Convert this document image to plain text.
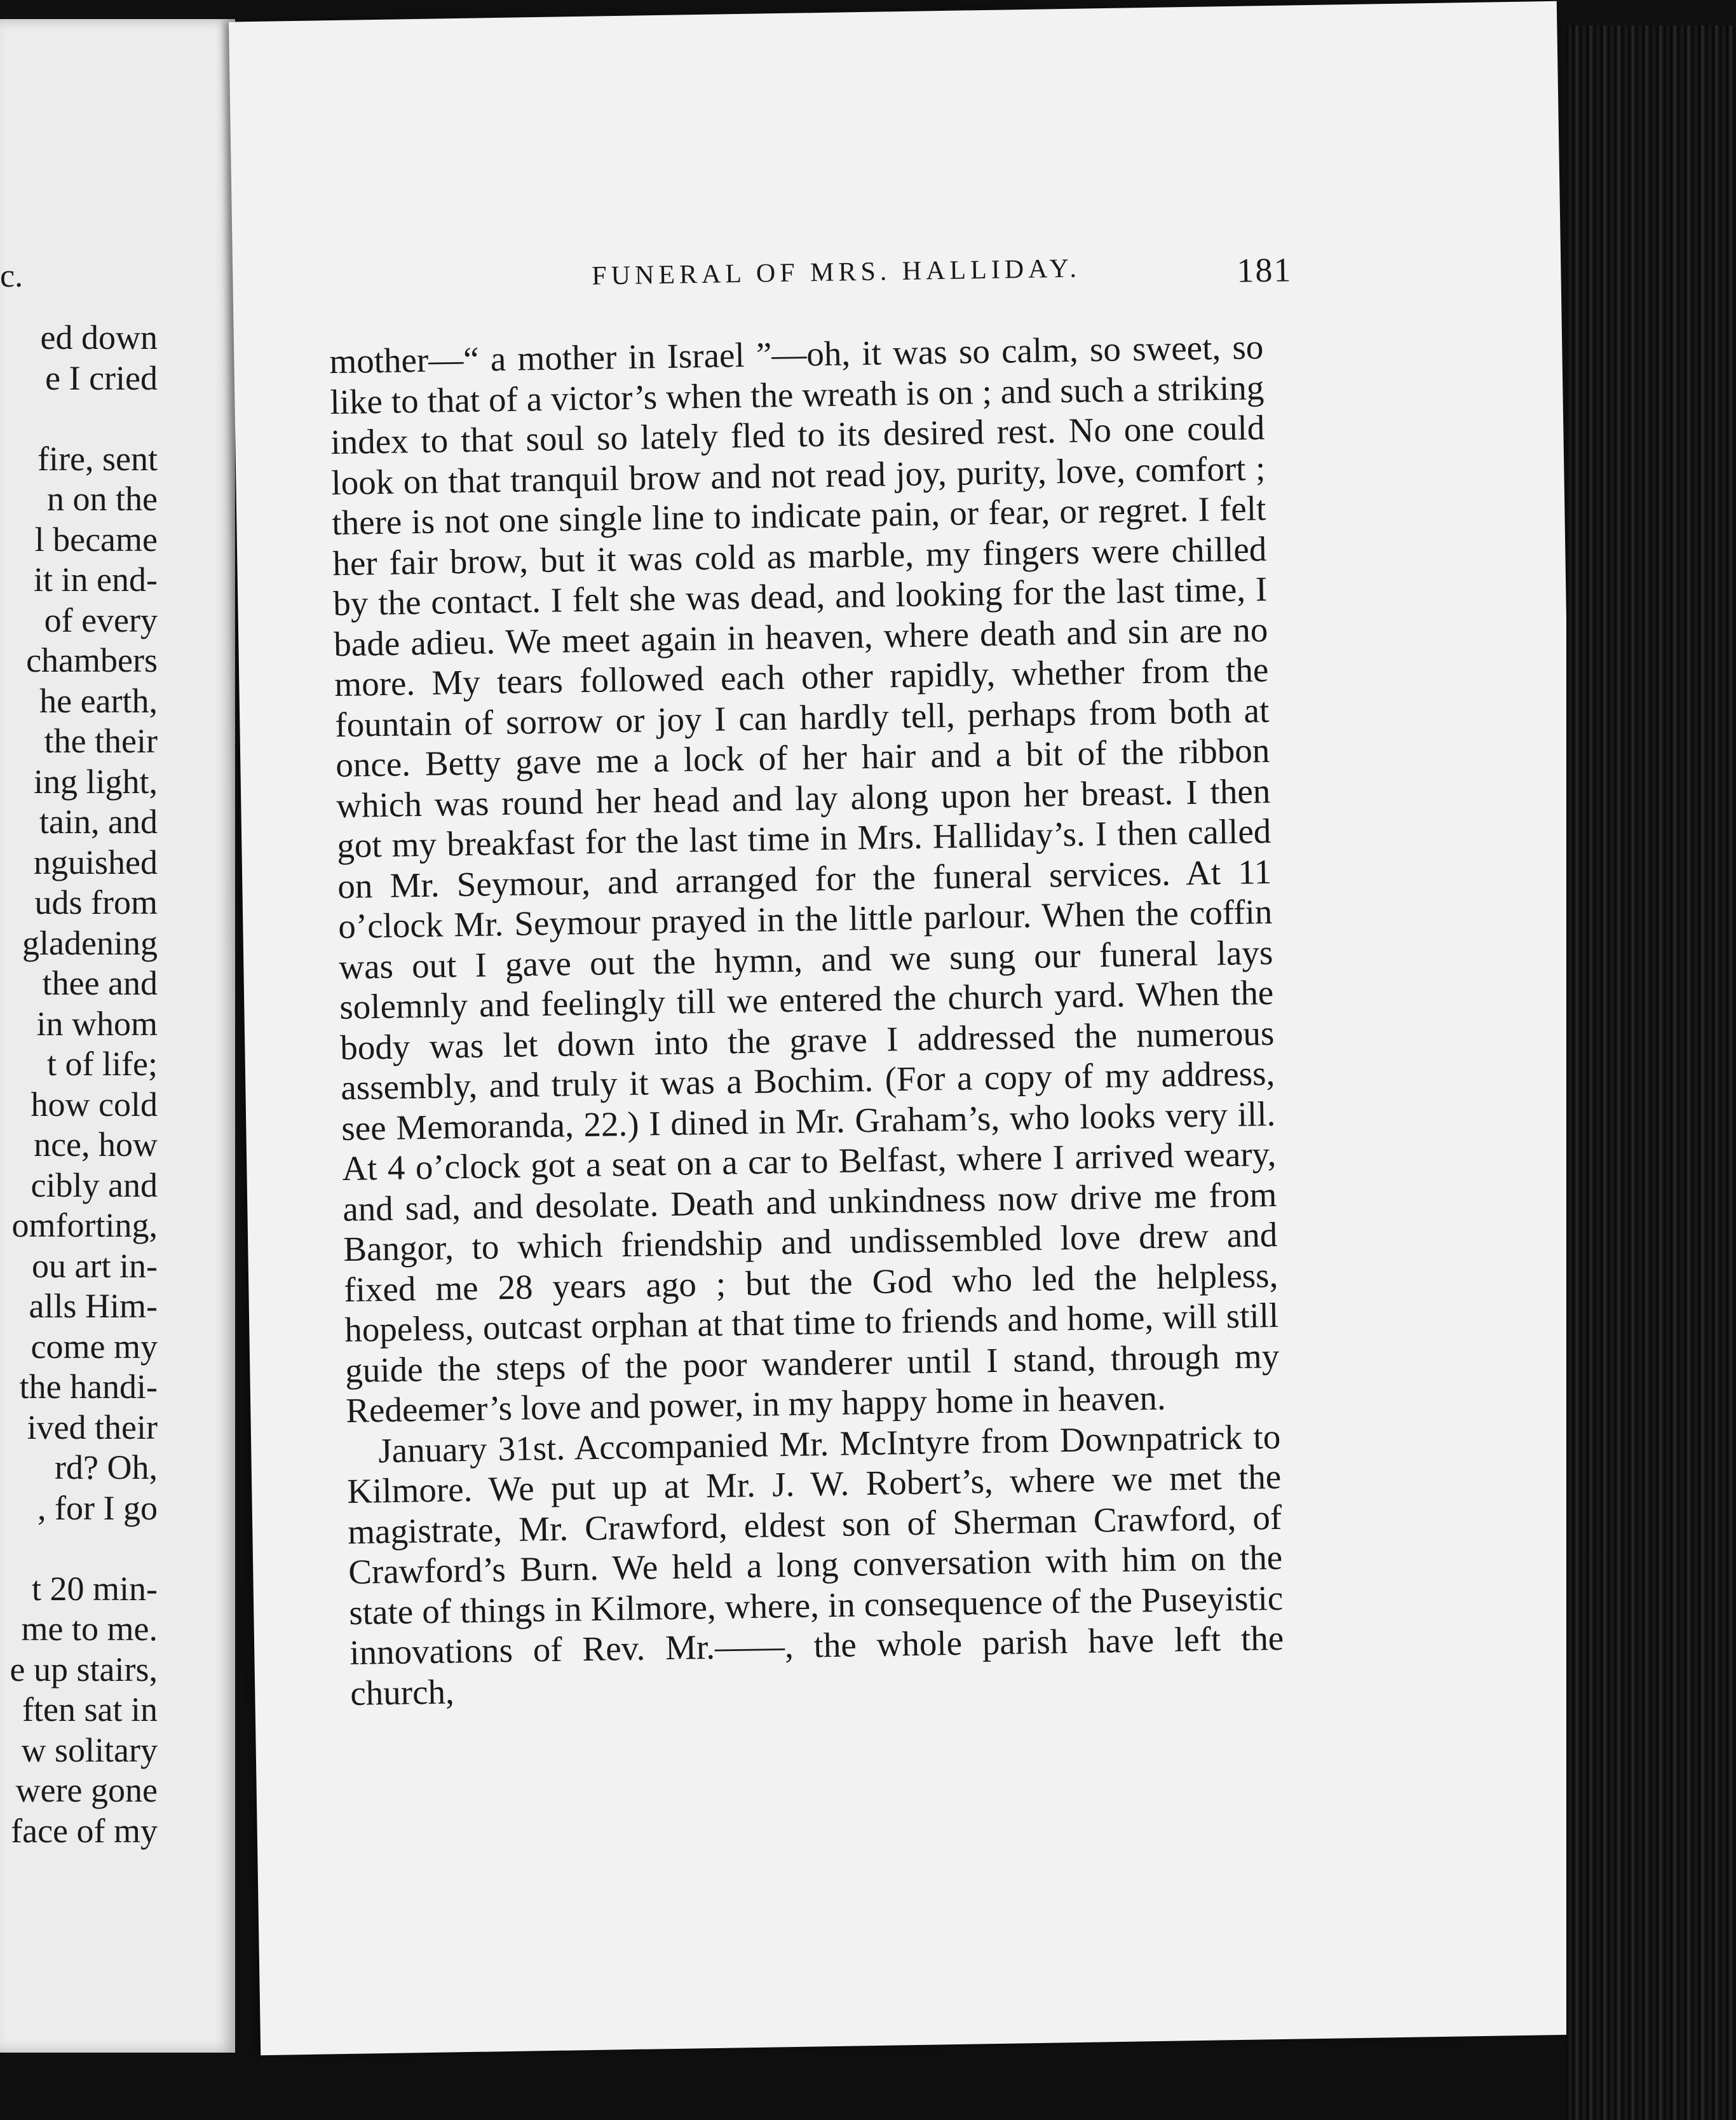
c.
ed down
e I cried

fire, sent
n on the
l became
it in end-
of every
chambers
he earth,
the their
ing light,
tain, and
nguished
uds from
gladening
thee and
in whom
t of life;
how cold
nce, how
cibly and
omforting,
ou art in-
alls Him-
come my
the handi-
ived their
rd? Oh,
, for I go

t 20 min-
me to me.
e up stairs,
ften sat in
w solitary
were gone
face of my
FUNERAL OF MRS. HALLIDAY.	181

mother—“ a mother in Israel ”—oh, it was so calm, so sweet, so like to that of a victor’s when the wreath is on ; and such a striking index to that soul so lately fled to its desired rest. No one could look on that tranquil brow and not read joy, purity, love, comfort ; there is not one single line to indicate pain, or fear, or regret. I felt her fair brow, but it was cold as marble, my fingers were chilled by the contact. I felt she was dead, and looking for the last time, I bade adieu. We meet again in heaven, where death and sin are no more. My tears followed each other rapidly, whether from the fountain of sorrow or joy I can hardly tell, perhaps from both at once. Betty gave me a lock of her hair and a bit of the ribbon which was round her head and lay along upon her breast. I then got my breakfast for the last time in Mrs. Halliday’s. I then called on Mr. Seymour, and arranged for the funeral services. At 11 o’clock Mr. Seymour prayed in the little parlour. When the coffin was out I gave out the hymn, and we sung our funeral lays solemnly and feelingly till we entered the church yard. When the body was let down into the grave I addressed the numerous assembly, and truly it was a Bochim. (For a copy of my address, see Memoranda, 22.) I dined in Mr. Graham’s, who looks very ill. At 4 o’clock got a seat on a car to Belfast, where I arrived weary, and sad, and desolate. Death and unkindness now drive me from Bangor, to which friendship and undissembled love drew and fixed me 28 years ago ; but the God who led the helpless, hopeless, outcast orphan at that time to friends and home, will still guide the steps of the poor wanderer until I stand, through my Redeemer’s love and power, in my happy home in heaven.

January 31st. Accompanied Mr. McIntyre from Downpatrick to Kilmore. We put up at Mr. J. W. Robert’s, where we met the magistrate, Mr. Crawford, eldest son of Sherman Crawford, of Crawford’s Burn. We held a long conversation with him on the state of things in Kilmore, where, in consequence of the Puseyistic innovations of Rev. Mr.——, the whole parish have left the church,
